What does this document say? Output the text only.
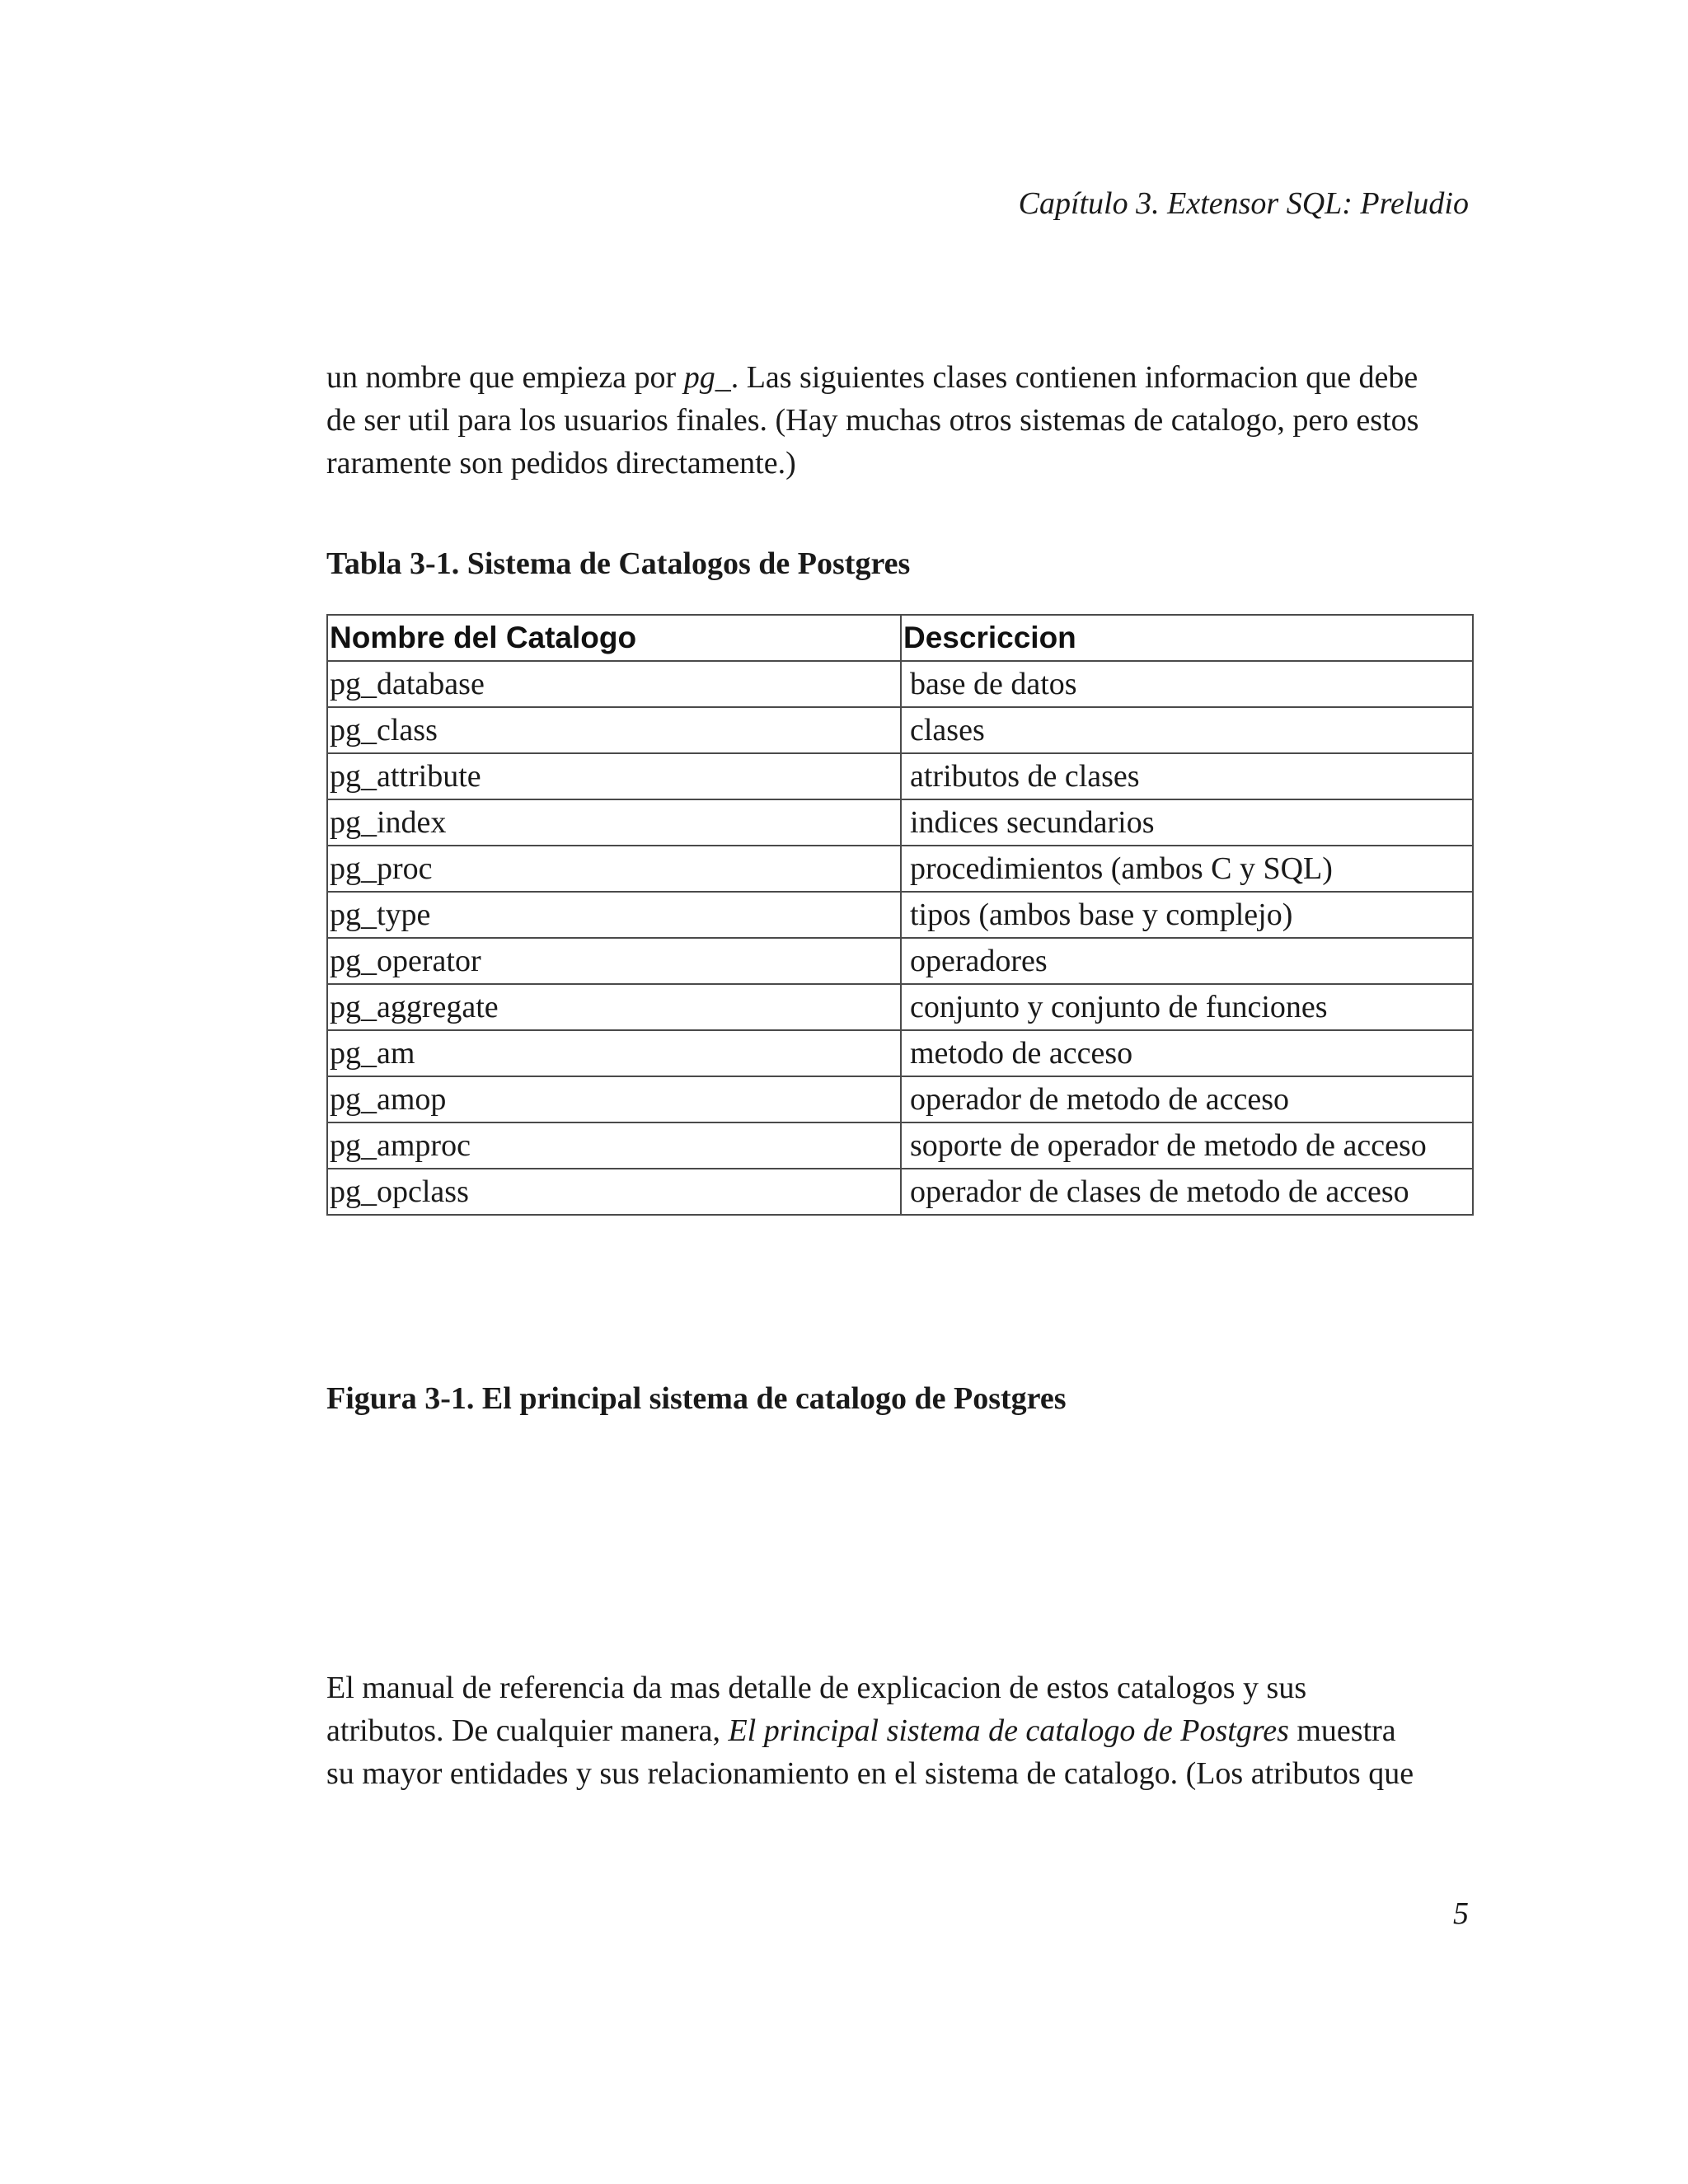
Capítulo 3. Extensor SQL: Preludio

un nombre que empieza por pg_. Las siguientes clases contienen informacion que debe
de ser util para los usuarios finales. (Hay muchas otros sistemas de catalogo, pero estos
raramente son pedidos directamente.)

Tabla 3-1. Sistema de Catalogos de Postgres
Nombre del Catalogo	Descriccion
pg_database	base de datos
pg_class	clases
pg_attribute	atributos de clases
pg_index	indices secundarios
pg_proc	procedimientos (ambos C y SQL)
pg_type	tipos (ambos base y complejo)
pg_operator	operadores
pg_aggregate	conjunto y conjunto de funciones
pg_am	metodo de acceso
pg_amop	operador de metodo de acceso
pg_amproc	soporte de operador de metodo de acceso
pg_opclass	operador de clases de metodo de acceso
Figura 3-1. El principal sistema de catalogo de Postgres

El manual de referencia da mas detalle de explicacion de estos catalogos y sus
atributos. De cualquier manera, El principal sistema de catalogo de Postgres muestra
su mayor entidades y sus relacionamiento en el sistema de catalogo. (Los atributos que

5
